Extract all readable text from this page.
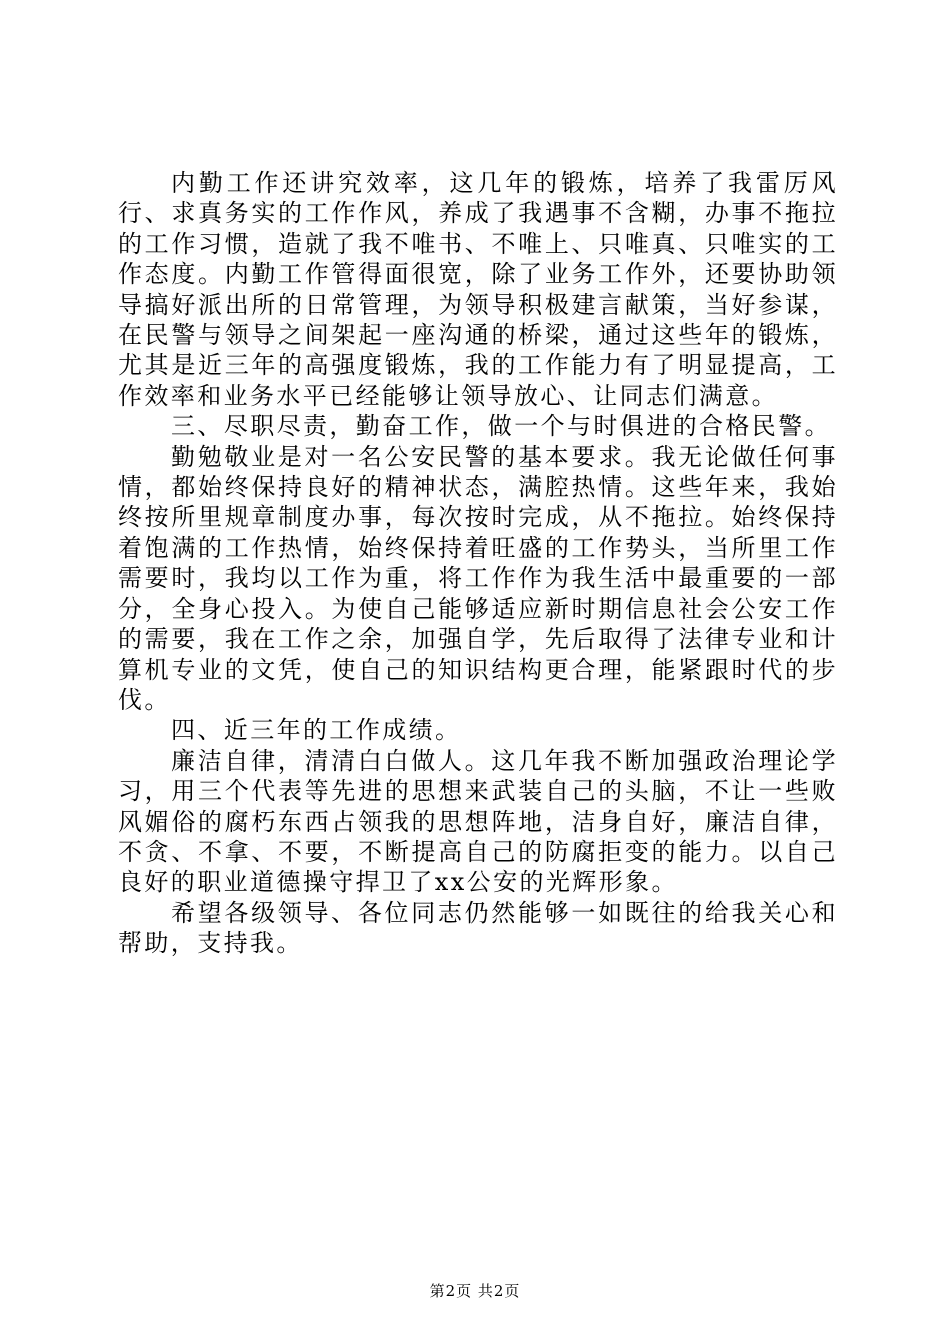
内勤工作还讲究效率，这几年的锻炼，培养了我雷厉风行、求真务实的工作作风，养成了我遇事不含糊，办事不拖拉的工作习惯，造就了我不唯书、不唯上、只唯真、只唯实的工作态度。内勤工作管得面很宽，除了业务工作外，还要协助领导搞好派出所的日常管理，为领导积极建言献策，当好参谋，在民警与领导之间架起一座沟通的桥梁，通过这些年的锻炼，尤其是近三年的高强度锻炼，我的工作能力有了明显提高，工作效率和业务水平已经能够让领导放心、让同志们满意。

三、尽职尽责，勤奋工作，做一个与时俱进的合格民警。

勤勉敬业是对一名公安民警的基本要求。我无论做任何事情，都始终保持良好的精神状态，满腔热情。这些年来，我始终按所里规章制度办事，每次按时完成，从不拖拉。始终保持着饱满的工作热情，始终保持着旺盛的工作势头，当所里工作需要时，我均以工作为重，将工作作为我生活中最重要的一部分，全身心投入。为使自己能够适应新时期信息社会公安工作的需要，我在工作之余，加强自学，先后取得了法律专业和计算机专业的文凭，使自己的知识结构更合理，能紧跟时代的步伐。

四、近三年的工作成绩。

廉洁自律，清清白白做人。这几年我不断加强政治理论学习，用三个代表等先进的思想来武装自己的头脑，不让一些败风媚俗的腐朽东西占领我的思想阵地，洁身自好，廉洁自律，不贪、不拿、不要，不断提高自己的防腐拒变的能力。以自己良好的职业道德操守捍卫了xx公安的光辉形象。

希望各级领导、各位同志仍然能够一如既往的给我关心和帮助，支持我。

第2页 共2页
